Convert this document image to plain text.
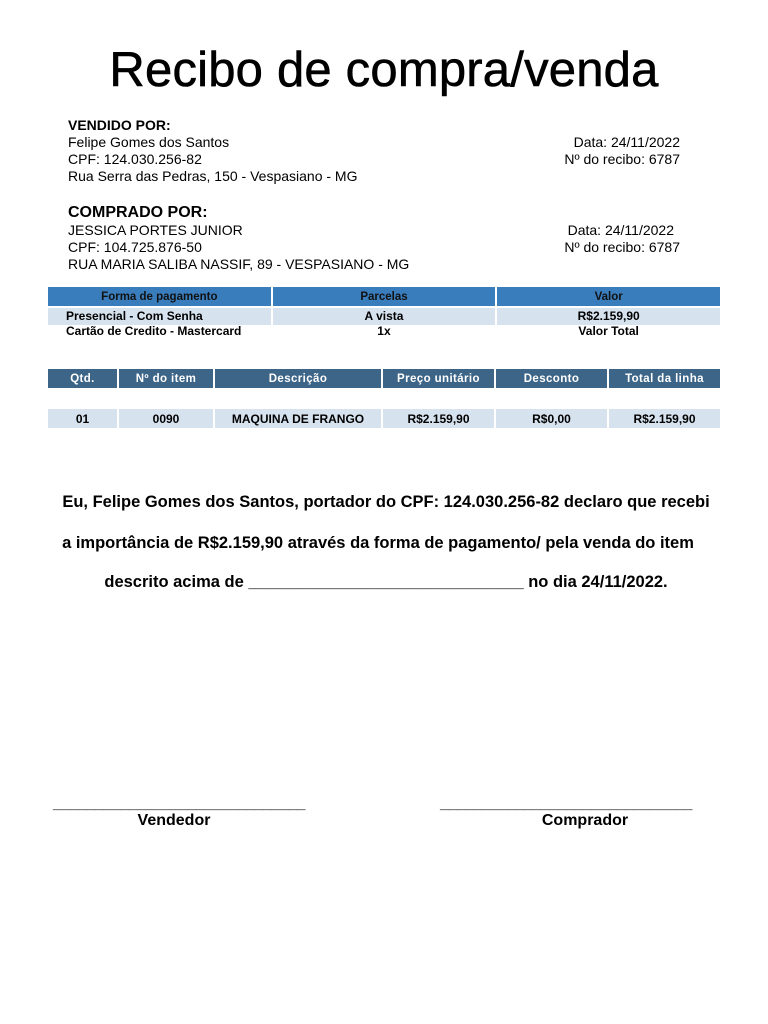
Recibo de compra/venda
VENDIDO POR:
Felipe Gomes dos Santos
CPF: 124.030.256-82
Rua Serra das Pedras, 150 - Vespasiano - MG
Data: 24/11/2022
Nº do recibo: 6787
COMPRADO POR:
JESSICA PORTES JUNIOR
CPF: 104.725.876-50
RUA MARIA SALIBA NASSIF, 89 - VESPASIANO - MG
Data: 24/11/2022
Nº do recibo: 6787
Forma de pagamento	Parcelas	Valor
Presencial - Com Senha	A vista	R$2.159,90
Cartão de Credito - Mastercard	1x	Valor Total
Qtd.	Nº do item	Descrição	Preço unitário	Desconto	Total da linha

01	0090	MAQUINA DE FRANGO	R$2.159,90	R$0,00	R$2.159,90
Eu, Felipe Gomes dos Santos, portador do CPF: 124.030.256-82 declaro que recebi
a importância de R$2.159,90 através da forma de pagamento/ pela venda do item
descrito acima de ______________________________ no dia 24/11/2022.
______________________________	______________________________
Vendedor	Comprador
